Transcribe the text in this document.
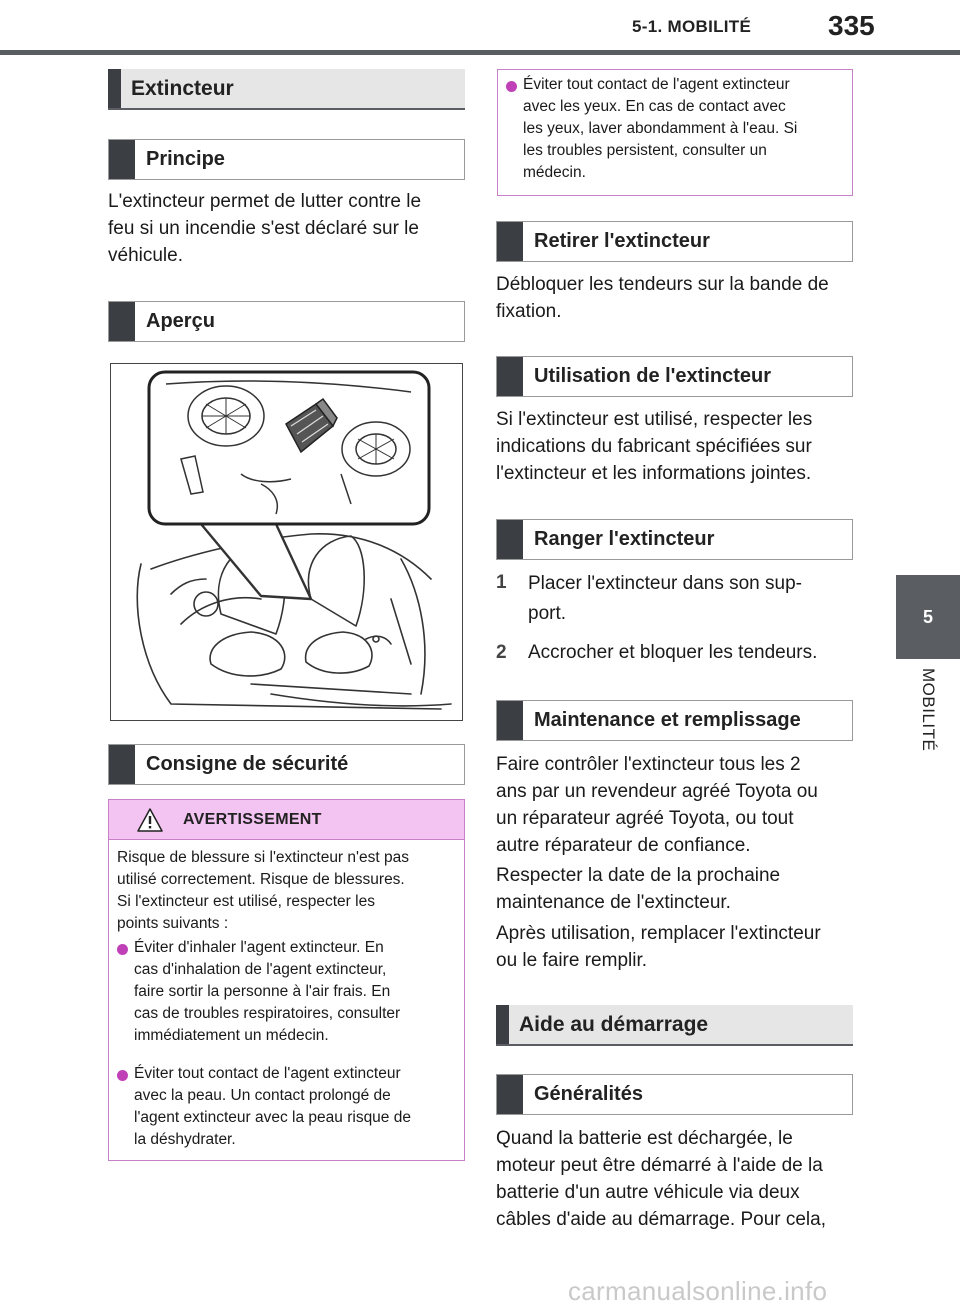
5-1. MOBILITÉ	335
5
MOBILITÉ
Extincteur
Principe
L'extincteur permet de lutter contre le
feu si un incendie s'est déclaré sur le
véhicule.
Aperçu
Consigne de sécurité
AVERTISSEMENT
Risque de blessure si l'extincteur n'est pas
utilisé correctement. Risque de blessures.
Si l'extincteur est utilisé, respecter les
points suivants :
Éviter d'inhaler l'agent extincteur. En
cas d'inhalation de l'agent extincteur,
faire sortir la personne à l'air frais. En
cas de troubles respiratoires, consulter
immédiatement un médecin.
Éviter tout contact de l'agent extincteur
avec la peau. Un contact prolongé de
l'agent extincteur avec la peau risque de
la déshydrater.
Éviter tout contact de l'agent extincteur
avec les yeux. En cas de contact avec
les yeux, laver abondamment à l'eau. Si
les troubles persistent, consulter un
médecin.
Retirer l'extincteur
Débloquer les tendeurs sur la bande de
fixation.
Utilisation de l'extincteur
Si l'extincteur est utilisé, respecter les
indications du fabricant spécifiées sur
l'extincteur et les informations jointes.
Ranger l'extincteur
1 Placer l'extincteur dans son sup-
port.
2 Accrocher et bloquer les tendeurs.
Maintenance et remplissage
Faire contrôler l'extincteur tous les 2
ans par un revendeur agréé Toyota ou
un réparateur agréé Toyota, ou tout
autre réparateur de confiance.
Respecter la date de la prochaine
maintenance de l'extincteur.
Après utilisation, remplacer l'extincteur
ou le faire remplir.
Aide au démarrage
Généralités
Quand la batterie est déchargée, le
moteur peut être démarré à l'aide de la
batterie d'un autre véhicule via deux
câbles d'aide au démarrage. Pour cela,
carmanualsonline.info
